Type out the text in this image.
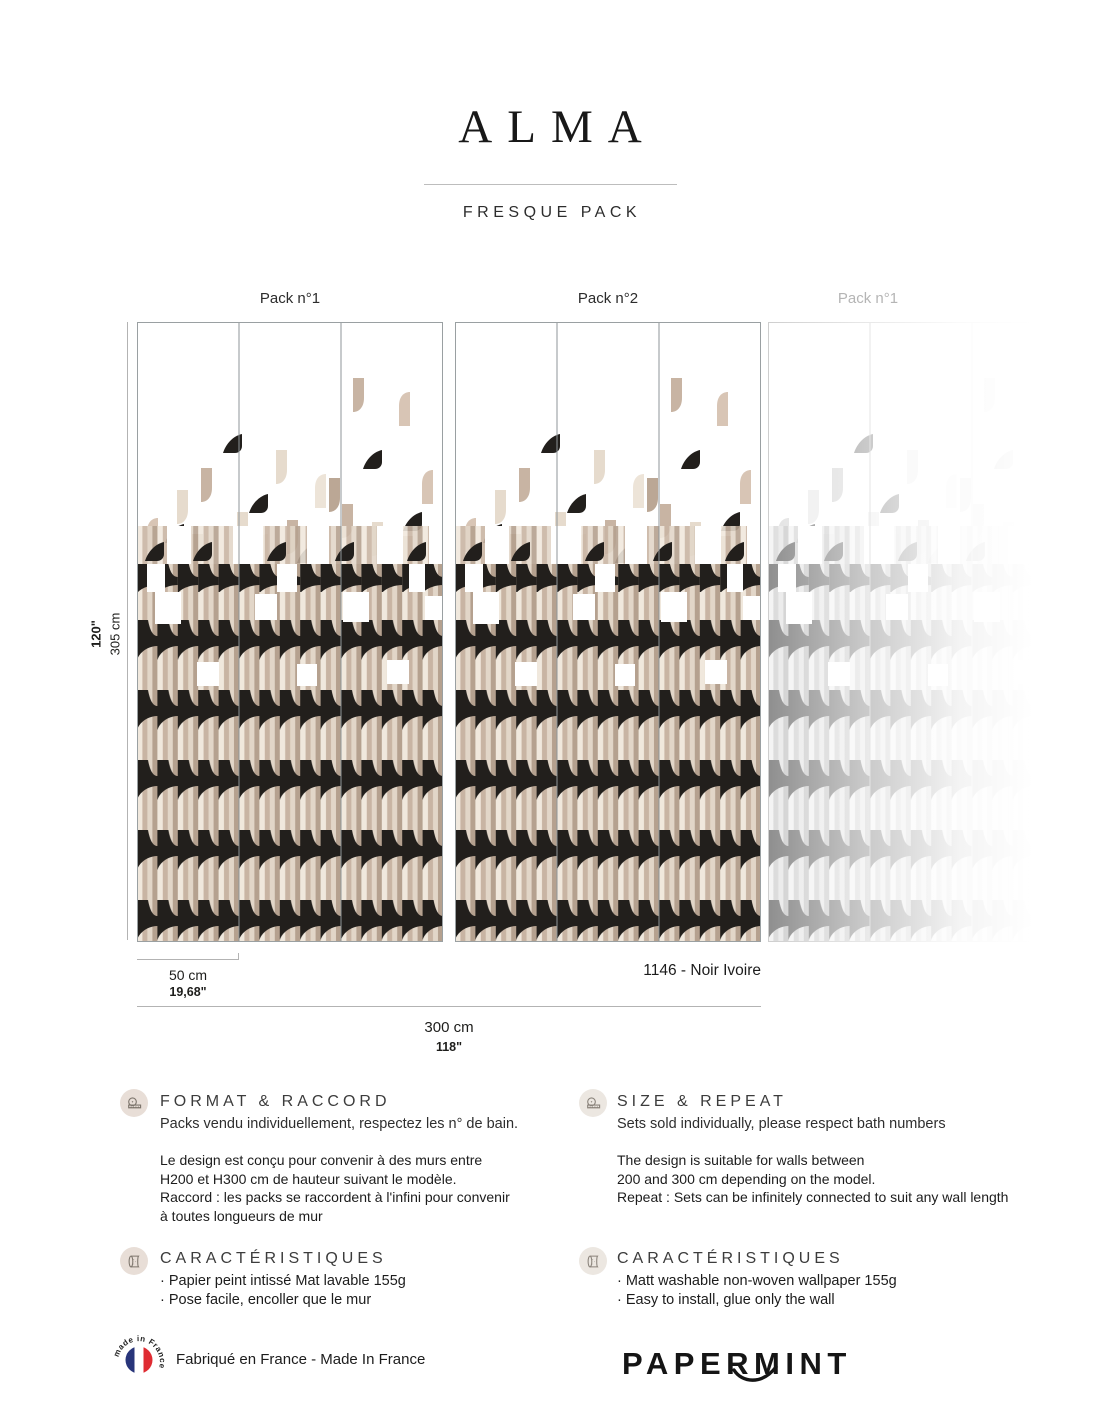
ALMA
FRESQUE PACK
Pack n°1	Pack n°2	Pack n°1
120" 305 cm
50 cm
19,68"
1146 - Noir Ivoire
300 cm
118"
FORMAT & RACCORD
Packs vendu individuellement, respectez les n° de bain.
Le design est conçu pour convenir à des murs entre
H200 et H300 cm de hauteur suivant le modèle.
Raccord : les packs se raccordent à l'infini pour convenir
à toutes longueurs de mur
SIZE & REPEAT
Sets sold individually, please respect bath numbers
The design is suitable for walls between
200 and 300 cm depending on the model.
Repeat : Sets can be infinitely connected to suit any wall length
CARACTÉRISTIQUES
· Papier peint intissé Mat lavable 155g
· Pose facile, encoller que le mur
CARACTÉRISTIQUES
· Matt washable non-woven wallpaper 155g
· Easy to install, glue only the wall
made in France Fabriqué en France - Made In France	PAPERMINT
